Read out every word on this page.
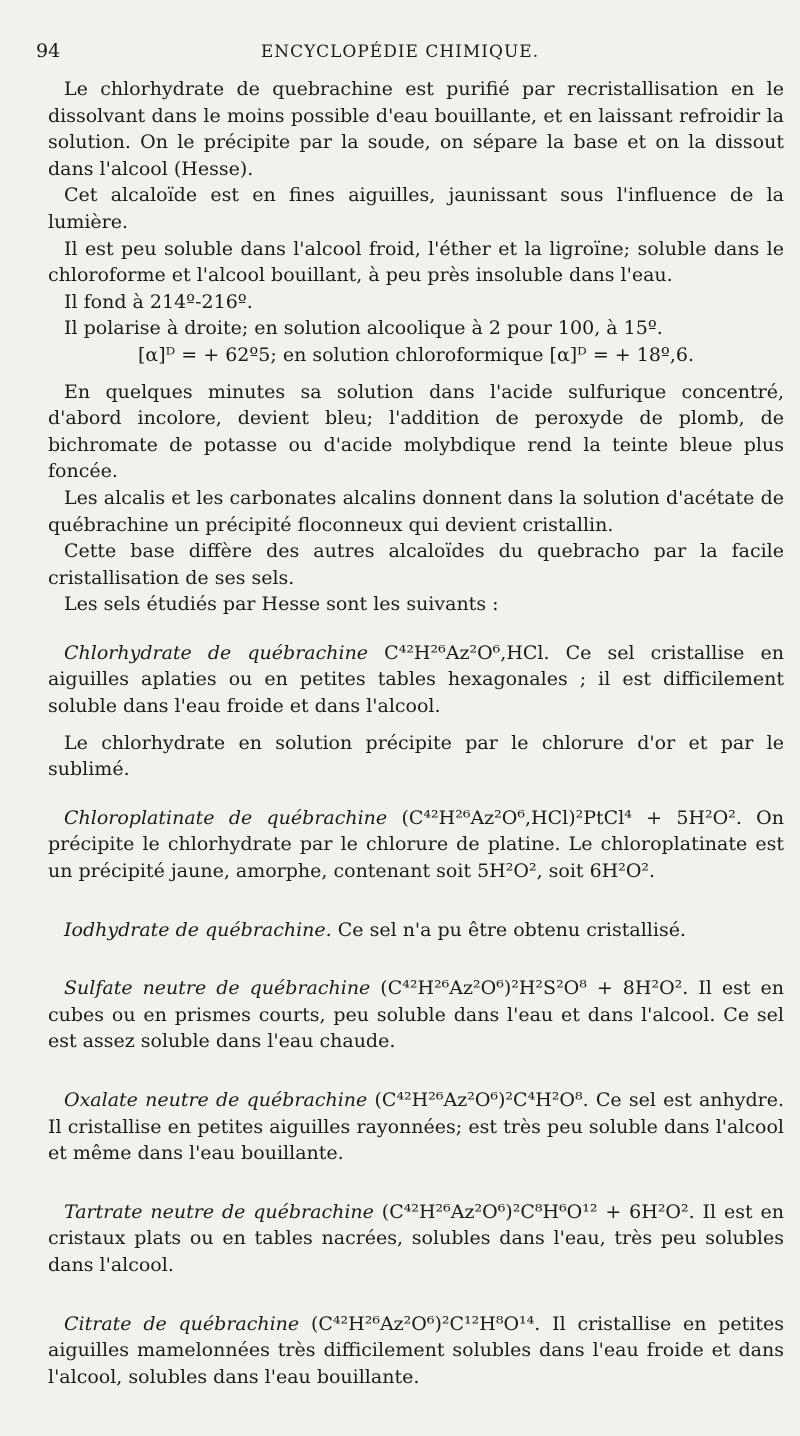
94	ENCYCLOPÉDIE CHIMIQUE.

Le chlorhydrate de quebrachine est purifié par recristallisation en le dissolvant dans le moins possible d'eau bouillante, et en laissant refroidir la solution. On le précipite par la soude, on sépare la base et on la dissout dans l'alcool (Hesse).

Cet alcaloïde est en fines aiguilles, jaunissant sous l'influence de la lumière.

Il est peu soluble dans l'alcool froid, l'éther et la ligroïne; soluble dans le chloroforme et l'alcool bouillant, à peu près insoluble dans l'eau.

Il fond à 214º-216º.

Il polarise à droite; en solution alcoolique à 2 pour 100, à 15º.

[α]ᴰ = + 62º5; en solution chloroformique [α]ᴰ = + 18º,6.

En quelques minutes sa solution dans l'acide sulfurique concentré, d'abord incolore, devient bleu; l'addition de peroxyde de plomb, de bichromate de potasse ou d'acide molybdique rend la teinte bleue plus foncée.

Les alcalis et les carbonates alcalins donnent dans la solution d'acétate de québrachine un précipité floconneux qui devient cristallin.

Cette base diffère des autres alcaloïdes du quebracho par la facile cristallisation de ses sels.

Les sels étudiés par Hesse sont les suivants :

Chlorhydrate de québrachine C⁴²H²⁶Az²O⁶,HCl. Ce sel cristallise en aiguilles aplaties ou en petites tables hexagonales ; il est difficilement soluble dans l'eau froide et dans l'alcool.

Le chlorhydrate en solution précipite par le chlorure d'or et par le sublimé.

Chloroplatinate de québrachine (C⁴²H²⁶Az²O⁶,HCl)²PtCl⁴ + 5H²O². On précipite le chlorhydrate par le chlorure de platine. Le chloroplatinate est un précipité jaune, amorphe, contenant soit 5H²O², soit 6H²O².

Iodhydrate de québrachine. Ce sel n'a pu être obtenu cristallisé.

Sulfate neutre de québrachine (C⁴²H²⁶Az²O⁶)²H²S²O⁸ + 8H²O². Il est en cubes ou en prismes courts, peu soluble dans l'eau et dans l'alcool. Ce sel est assez soluble dans l'eau chaude.

Oxalate neutre de québrachine (C⁴²H²⁶Az²O⁶)²C⁴H²O⁸. Ce sel est anhydre. Il cristallise en petites aiguilles rayonnées; est très peu soluble dans l'alcool et même dans l'eau bouillante.

Tartrate neutre de québrachine (C⁴²H²⁶Az²O⁶)²C⁸H⁶O¹² + 6H²O². Il est en cristaux plats ou en tables nacrées, solubles dans l'eau, très peu solubles dans l'alcool.

Citrate de québrachine (C⁴²H²⁶Az²O⁶)²C¹²H⁸O¹⁴. Il cristallise en petites aiguilles mamelonnées très difficilement solubles dans l'eau froide et dans l'alcool, solubles dans l'eau bouillante.
